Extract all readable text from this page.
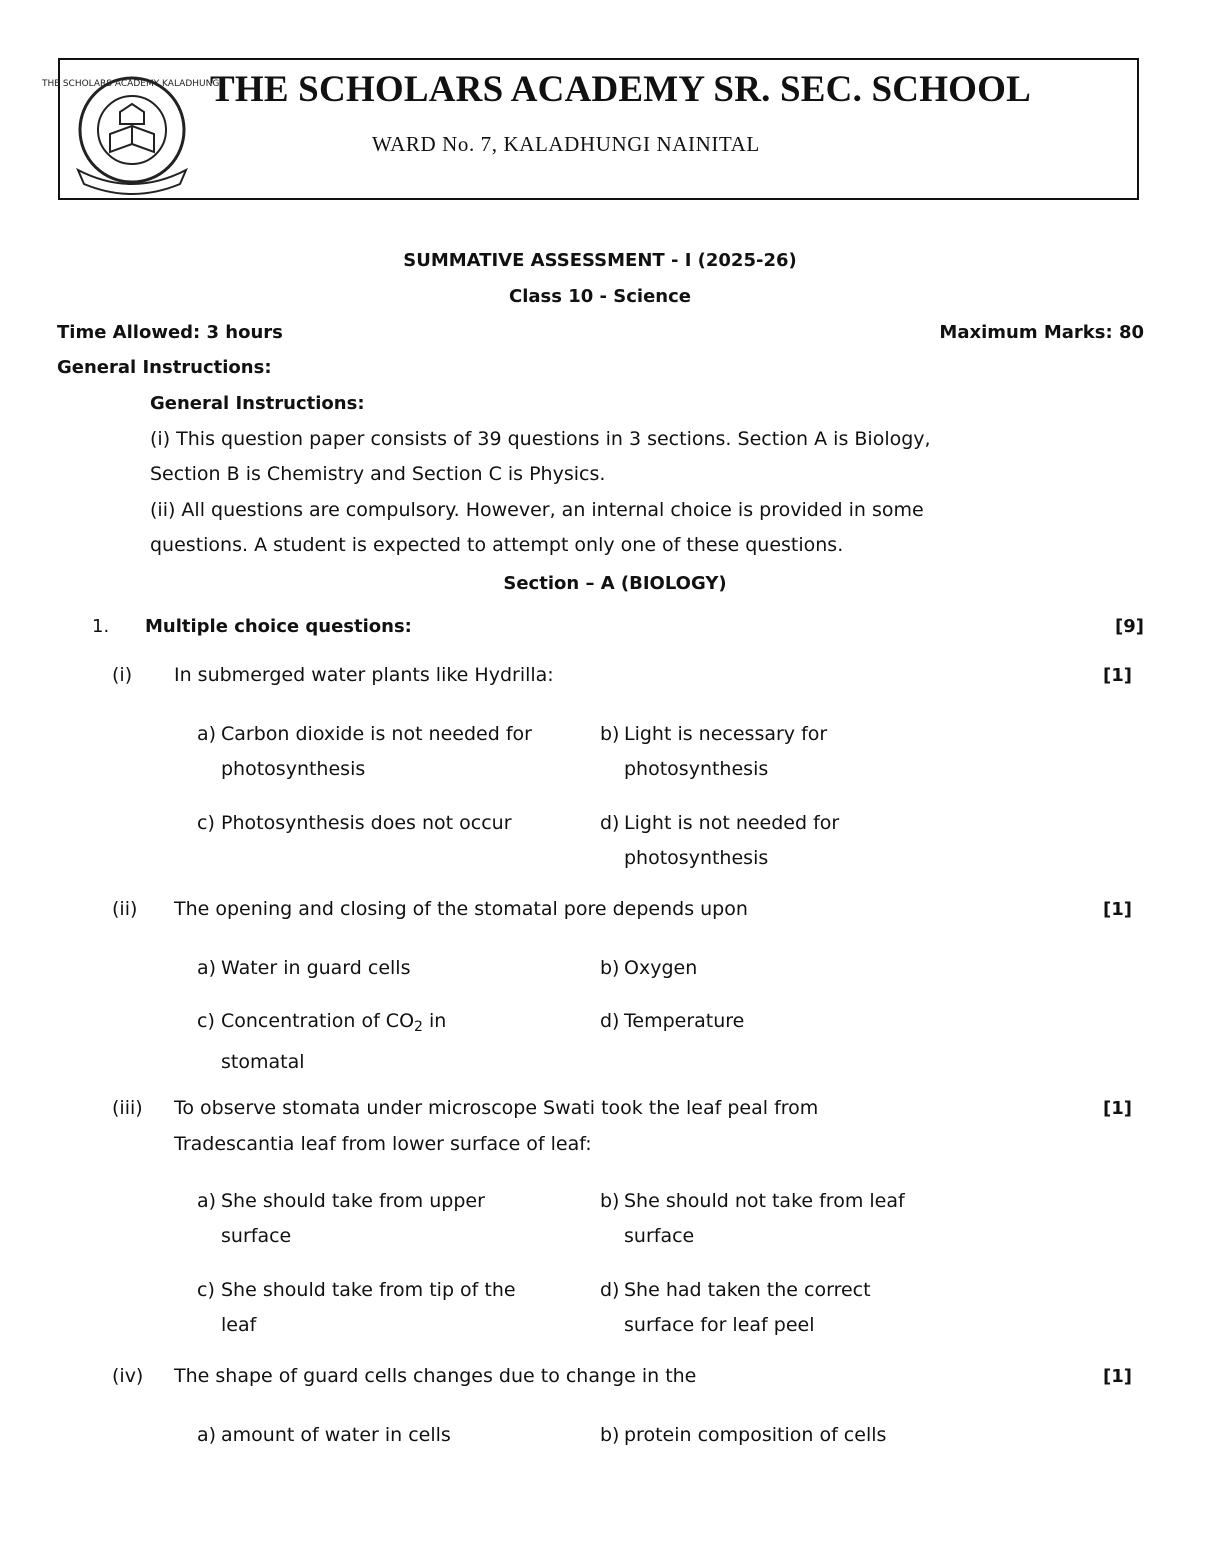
THE SCHOLARS ACADEMY KALADHUNGI
THE SCHOLARS ACADEMY SR. SEC. SCHOOL
WARD No. 7, KALADHUNGI NAINITAL
SUMMATIVE ASSESSMENT - I (2025-26)
Class 10 - Science
Time Allowed: 3 hours	Maximum Marks: 80
General Instructions:
General Instructions:
(i) This question paper consists of 39 questions in 3 sections. Section A is Biology,
Section B is Chemistry and Section C is Physics.
(ii) All questions are compulsory. However, an internal choice is provided in some
questions. A student is expected to attempt only one of these questions.
Section – A (BIOLOGY)
1. Multiple choice questions:	[9]
(i) In submerged water plants like Hydrilla:	[1]
a) Carbon dioxide is not needed for photosynthesis
b) Light is necessary for photosynthesis
c) Photosynthesis does not occur	d) Light is not needed for photosynthesis
(ii) The opening and closing of the stomatal pore depends upon	[1]
a) Water in guard cells	b) Oxygen
c) Concentration of $CO_2$ in stomatal
d) Temperature
(iii) To observe stomata under microscope Swati took the leaf peal from
Tradescantia leaf from lower surface of leaf:
[1]
a) She should take from upper surface
b) She should not take from leaf surface
c) She should take from tip of the leaf
d) She had taken the correct surface for leaf peel
(iv) The shape of guard cells changes due to change in the	[1]
a) amount of water in cells	b) protein composition of cells
